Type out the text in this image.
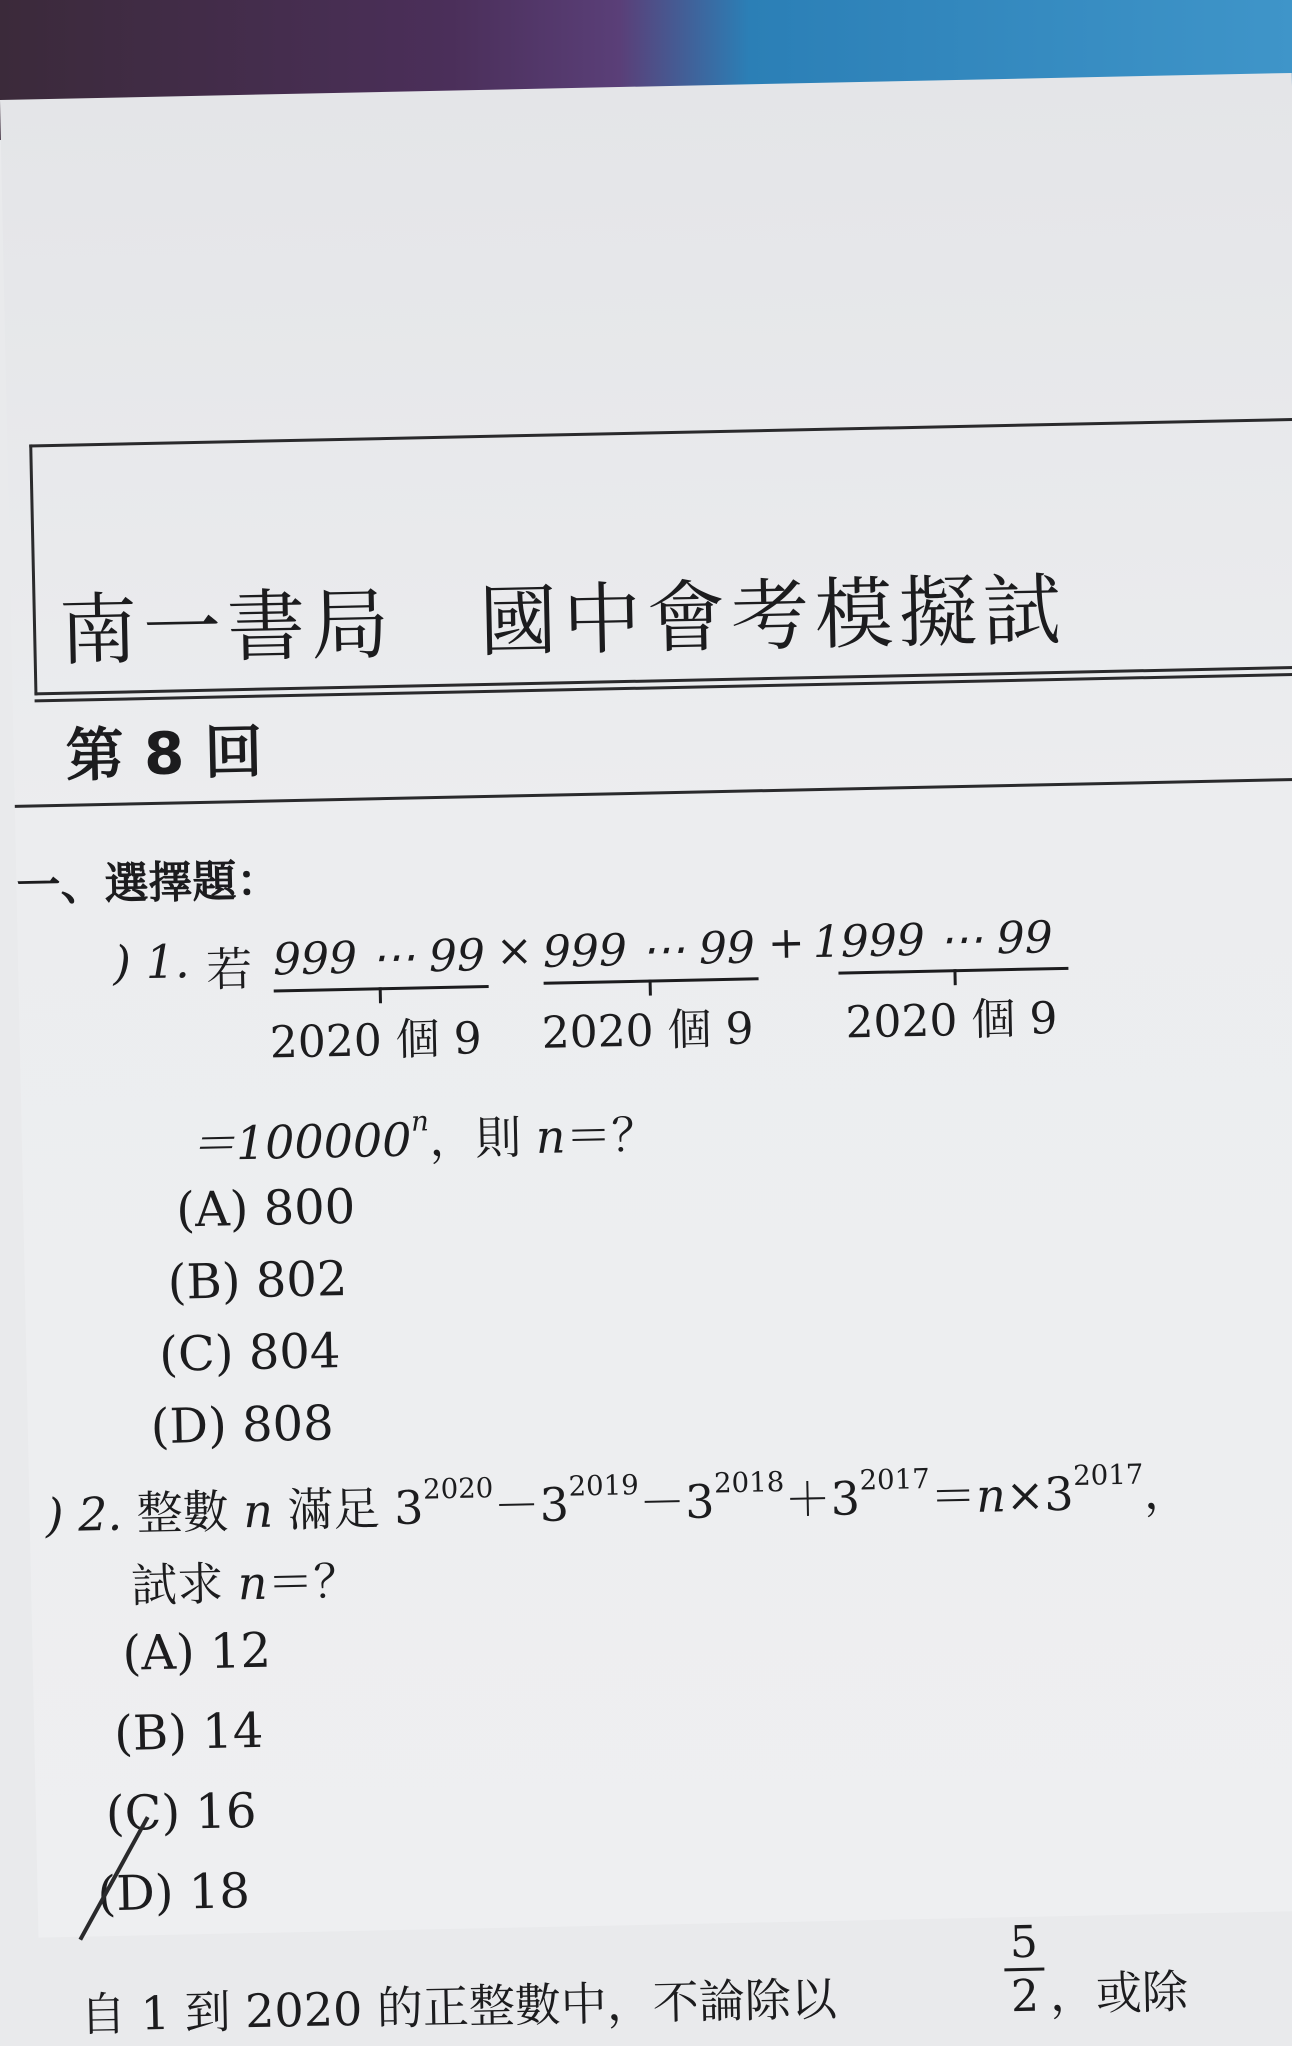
南一書局　國中會考模擬試
第 8 回
一、選擇題：
) 1. 若 999 ⋯ 99 × 999 ⋯ 99 + 1999 ⋯ 99
2020 個 9 2020 個 9 2020 個 9
$=100000^n$，則 n＝？
(A) 800
(B) 802
(C) 804
(D) 808
) 2. 整數 n 滿足 $3^{2020}-3^{2019}-3^{2018}+3^{2017}=n\times 3^{2017}$，
試求 n＝？
(A) 12
(B) 14
(C) 16
(D) 18
自 1 到 2020 的正整數中，不論除以	$\frac{5}{2}$ ，或除
